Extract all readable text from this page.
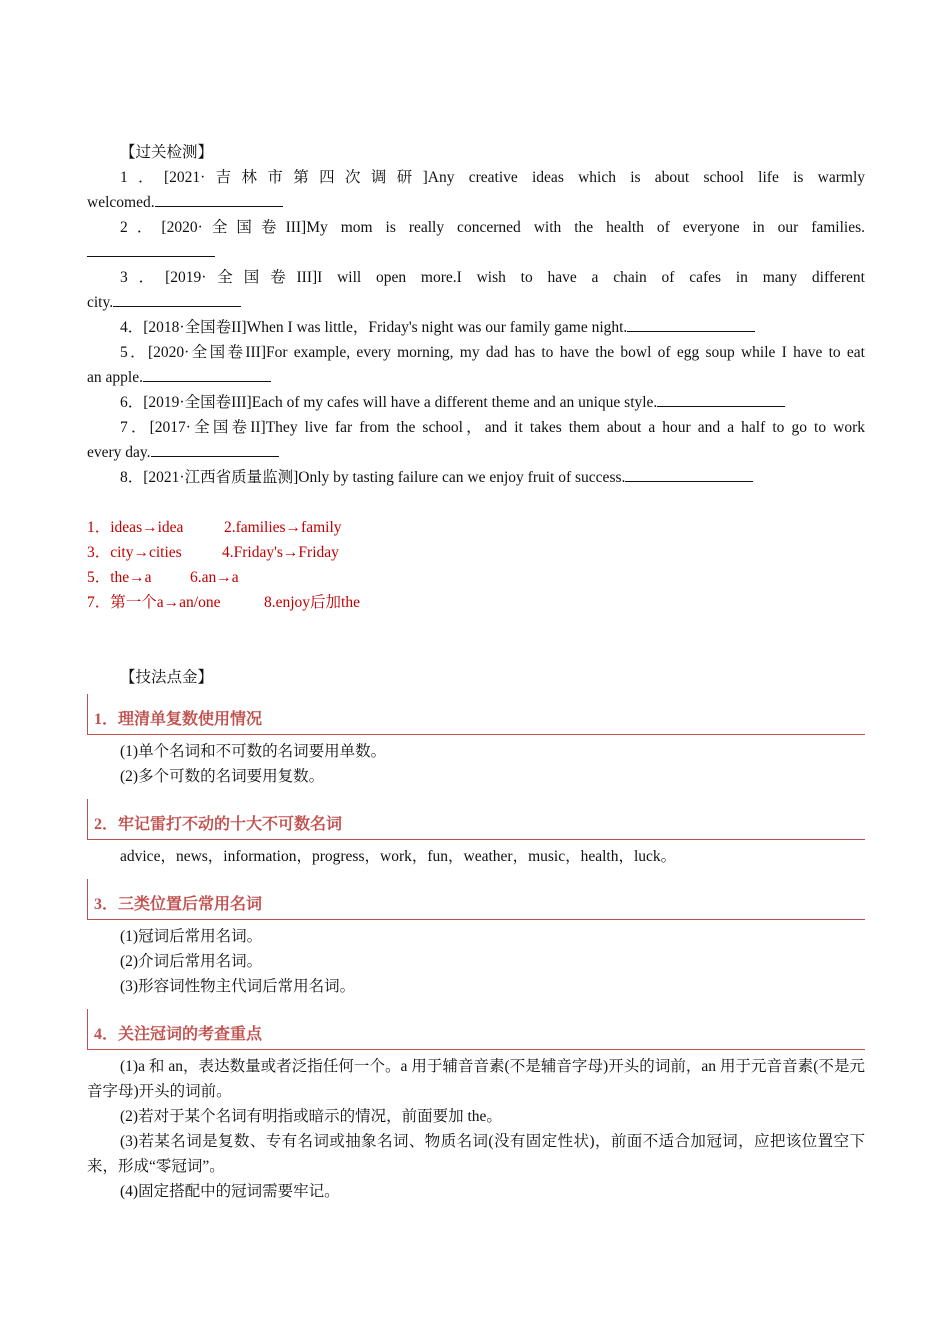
【过关检测】

1．[2021·吉林市第四次调研]Any creative ideas which is about school life is warmly

welcomed.

2．[2020·全国卷III]My mom is really concerned with the health of everyone in our families.

3．[2019·全国卷III]I will open more.I wish to have a chain of cafes in many different

city.

4．[2018·全国卷II]When I was little，Friday's night was our family game night.

5．[2020·全国卷III]For example, every morning, my dad has to have the bowl of egg soup while I have to eat

an apple.

6．[2019·全国卷III]Each of my cafes will have a different theme and an unique style.

7．[2017·全国卷II]They live far from the school，and it takes them about a hour and a half to go to work

every day.

8．[2021·江西省质量监测]Only by tasting failure can we enjoy fruit of success.

1．ideas→idea	2.families→family
3．city→cities	4.Friday's→Friday
5．the→a 6.an→a
7．第一个a→an/one	8.enjoy后加the

【技法点金】

1．理清单复数使用情况

(1)单个名词和不可数的名词要用单数。

(2)多个可数的名词要用复数。

2．牢记雷打不动的十大不可数名词

advice，news，information，progress，work，fun，weather，music，health，luck。

3．三类位置后常用名词

(1)冠词后常用名词。

(2)介词后常用名词。

(3)形容词性物主代词后常用名词。

4．关注冠词的考查重点

(1)a 和 an，表达数量或者泛指任何一个。a 用于辅音音素(不是辅音字母)开头的词前，an 用于元音音素(不是元音字母)开头的词前。

(2)若对于某个名词有明指或暗示的情况，前面要加 the。

(3)若某名词是复数、专有名词或抽象名词、物质名词(没有固定性状)，前面不适合加冠词，应把该位置空下来，形成“零冠词”。

(4)固定搭配中的冠词需要牢记。
